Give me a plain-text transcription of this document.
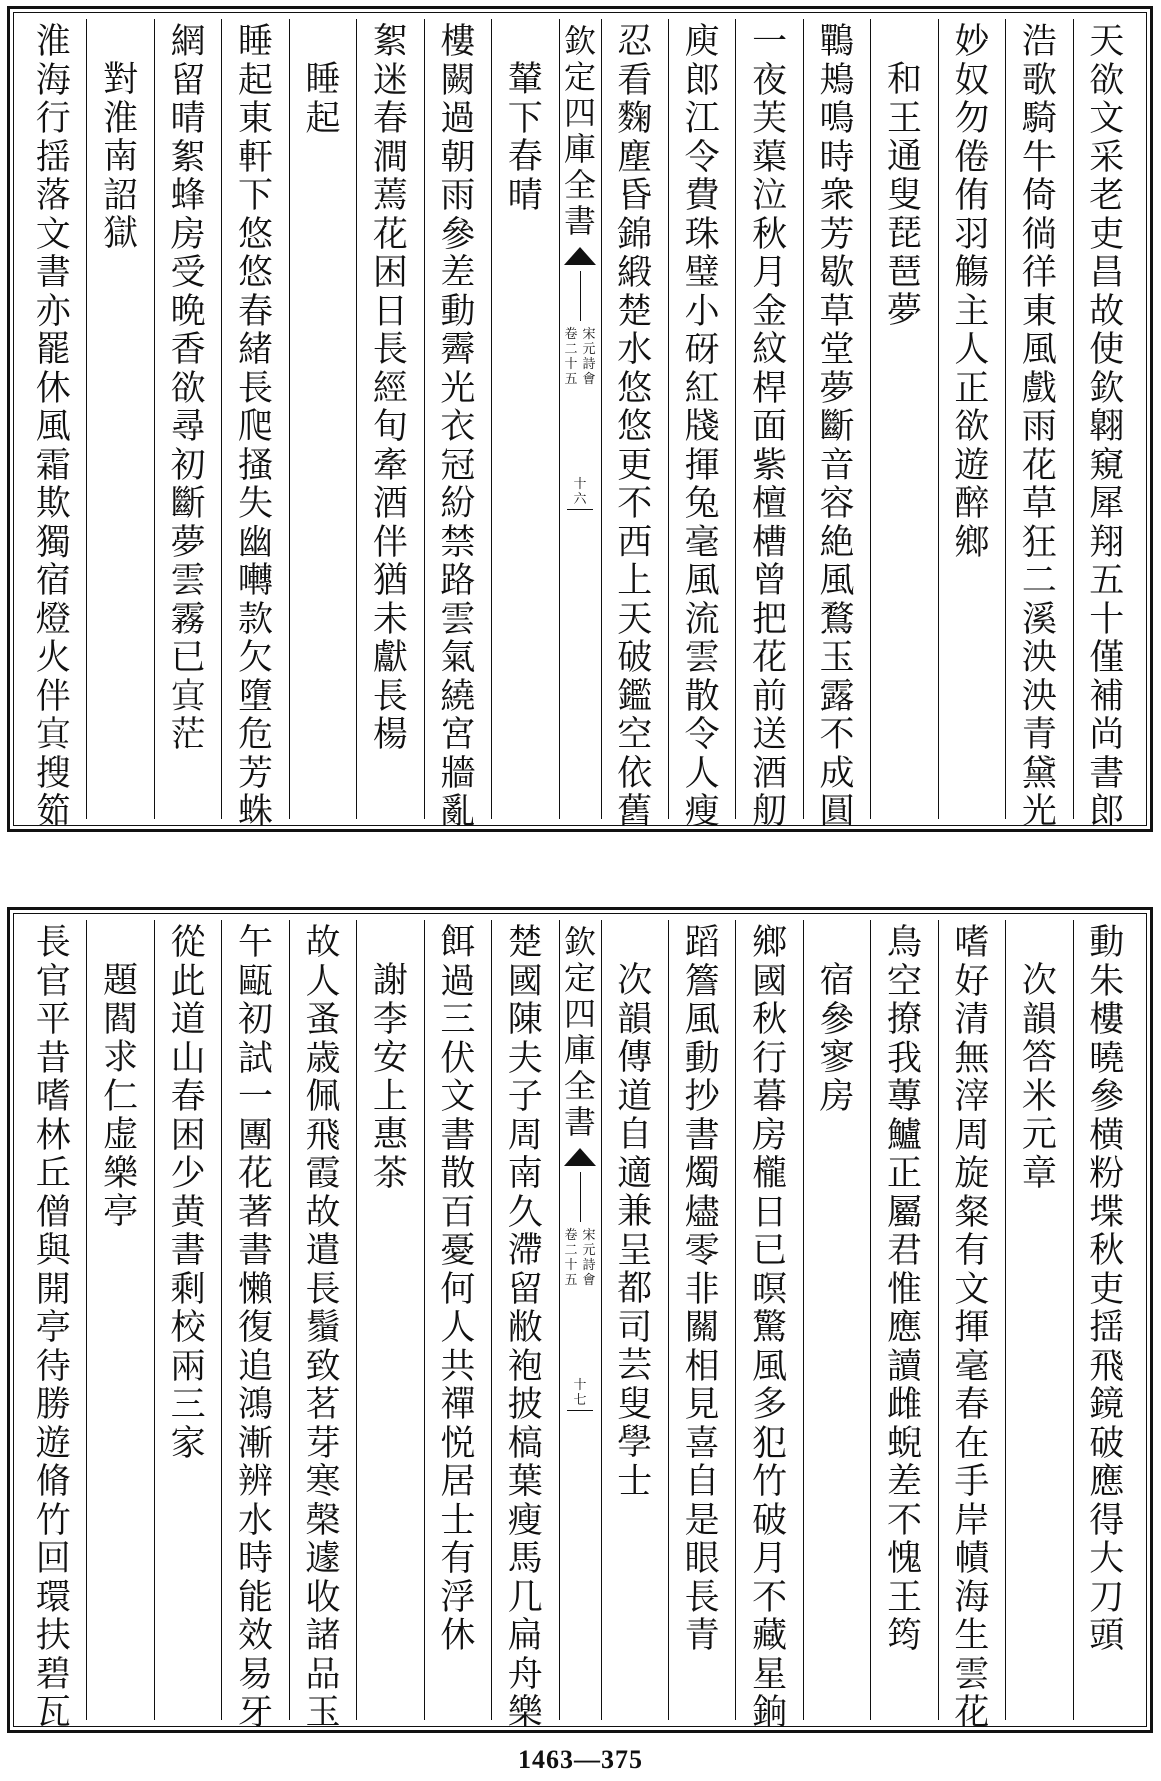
天
欲
文
采
老
吏
昌
故
使
欽
翺
窺
犀
翔
五
十
僅
補
尚
書
郎
浩
歌
騎
牛
倚
徜
徉
東
風
戲
雨
花
草
狂
二
溪
泱
泱
青
黛
光
妙
奴
勿
倦
侑
羽
觴
主
人
正
欲
遊
醉
鄉

和
王
通
叟
琵
琶
夢
鷤
鴂
鳴
時
衆
芳
歇
草
堂
夢
斷
音
容
絶
風
鶩
玉
露
不
成
圓
一
夜
芙
蕖
泣
秋
月
金
紋
桿
面
紫
檀
槽
曾
把
花
前
送
酒
舠
庾
郎
江
令
費
珠
璧
小
砑
紅
牋
揮
兔
毫
風
流
雲
散
令
人
瘦
忍
看
麴
塵
昏
錦
緞
楚
水
悠
悠
更
不
西
上
天
破
鑑
空
依
舊
欽
定
四
庫
全
書
宋
元
詩
會
卷
二
十
五
十
六

輦
下
春
晴
樓
闕
過
朝
雨
參
差
動
霽
光
衣
冠
紛
禁
路
雲
氣
繞
宮
牆
亂
絮
迷
春
澗
蔫
花
困
日
長
經
旬
牽
酒
伴
猶
未
獻
長
楊

睡
起
睡
起
東
軒
下
悠
悠
春
緒
長
爬
搔
失
幽
囀
款
欠
墮
危
芳
蛛
網
留
晴
絮
蜂
房
受
晩
香
欲
尋
初
斷
夢
雲
霧
已
𡨋
茫

對
淮
南
詔
獄
淮
海
行
揺
落
文
書
亦
罷
休
風
霜
欺
獨
宿
燈
火
伴
𡨋
搜
筎
動
朱
樓
曉
參
横
粉
堞
秋
吏
揺
飛
鏡
破
應
得
大
刀
頭

次
韻
答
米
元
章
嗜
好
清
無
滓
周
旋
粲
有
文
揮
毫
春
在
手
岸
幘
海
生
雲
花
鳥
空
撩
我
蓴
鱸
正
屬
君
惟
應
讀
雌
蜺
差
不
愧
王
筠

宿
參
寥
房
鄉
國
秋
行
暮
房
櫳
日
已
暝
驚
風
多
犯
竹
破
月
不
藏
星
銄
蹈
簷
風
動
抄
書
燭
燼
零
非
關
相
見
喜
自
是
眼
長
青

次
韻
傳
道
自
適
兼
呈
都
司
芸
叟
學
士
欽
定
四
庫
全
書
宋
元
詩
會
卷
二
十
五
十
七
楚
國
陳
夫
子
周
南
久
滯
留
敝
袍
披
槁
葉
瘦
馬
几
扁
舟
樂
餌
過
三
伏
文
書
散
百
憂
何
人
共
禪
悦
居
士
有
浮
休

謝
李
安
上
惠
茶
故
人
蚤
歳
佩
飛
霞
故
遣
長
鬚
致
茗
芽
寒
㯏
遽
收
諸
品
玉
午
甌
初
試
一
團
花
著
書
懶
復
追
鴻
漸
辨
水
時
能
效
易
牙
從
此
道
山
春
困
少
黄
書
剩
校
兩
三
家

題
閻
求
仁
虚
樂
亭
長
官
平
昔
嗜
林
丘
僧
與
開
亭
待
勝
遊
脩
竹
回
環
扶
碧
瓦
1463—375
